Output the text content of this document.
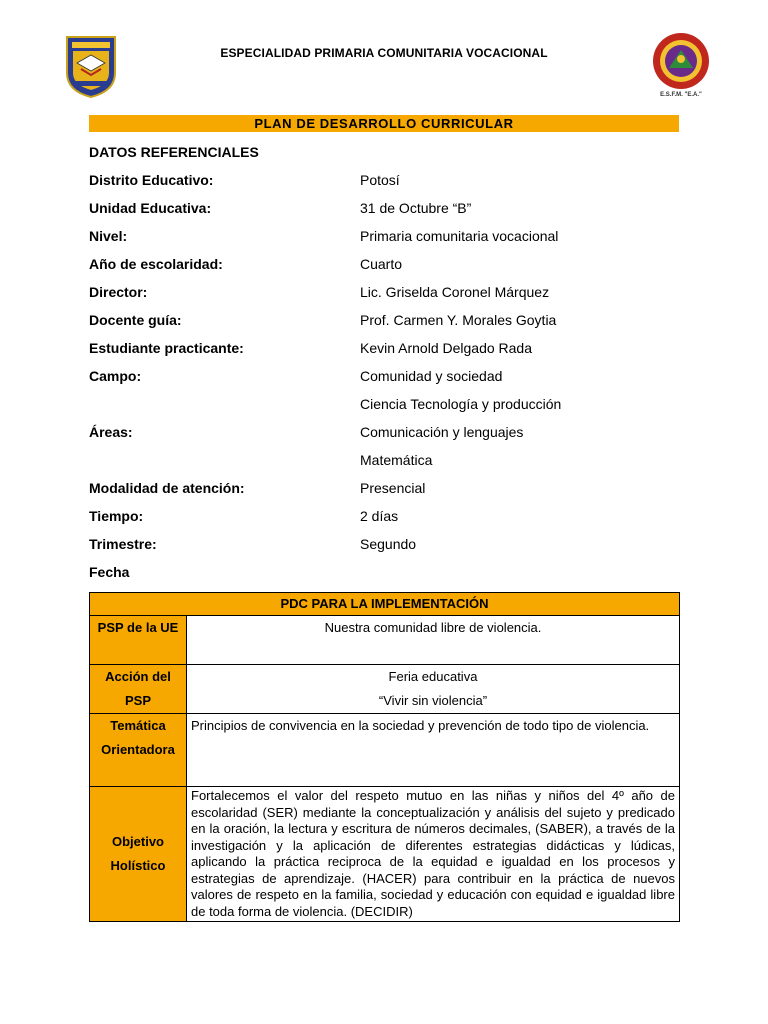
ESPECIALIDAD PRIMARIA COMUNITARIA VOCACIONAL
E.S.F.M. "E.A."
PLAN DE DESARROLLO CURRICULAR
DATOS REFERENCIALES
Distrito Educativo:	Potosí
Unidad Educativa:	31 de Octubre “B”
Nivel:	Primaria comunitaria vocacional
Año de escolaridad:	Cuarto
Director:	Lic. Griselda Coronel Márquez
Docente guía:	Prof. Carmen Y. Morales Goytia
Estudiante practicante:	Kevin Arnold Delgado Rada
Campo:	Comunidad y sociedad
Ciencia Tecnología y producción
Áreas:	Comunicación y lenguajes
Matemática
Modalidad de atención:	Presencial
Tiempo:	2 días
Trimestre:	Segundo
Fecha
PDC PARA LA IMPLEMENTACIÓN	
PSP de la UE	Nuestra comunidad libre de violencia.
Acción del PSP	Feria educativa
“Vivir sin violencia”

Temática Orientadora	Principios de convivencia en la sociedad y prevención de todo tipo de violencia.
Objetivo Holístico	Fortalecemos el valor del respeto mutuo en las niñas y niños del 4º año de escolaridad (SER) mediante la conceptualización y análisis del sujeto y predicado en la oración, la lectura y escritura de números decimales, (SABER), a través de la investigación y la aplicación de diferentes estrategias didácticas y lúdicas, aplicando la práctica reciproca de la equidad e igualdad en los procesos y estrategias de aprendizaje. (HACER) para contribuir en la práctica de nuevos valores de respeto en la familia, sociedad y educación con equidad e igualdad libre de toda forma de violencia. (DECIDIR)
